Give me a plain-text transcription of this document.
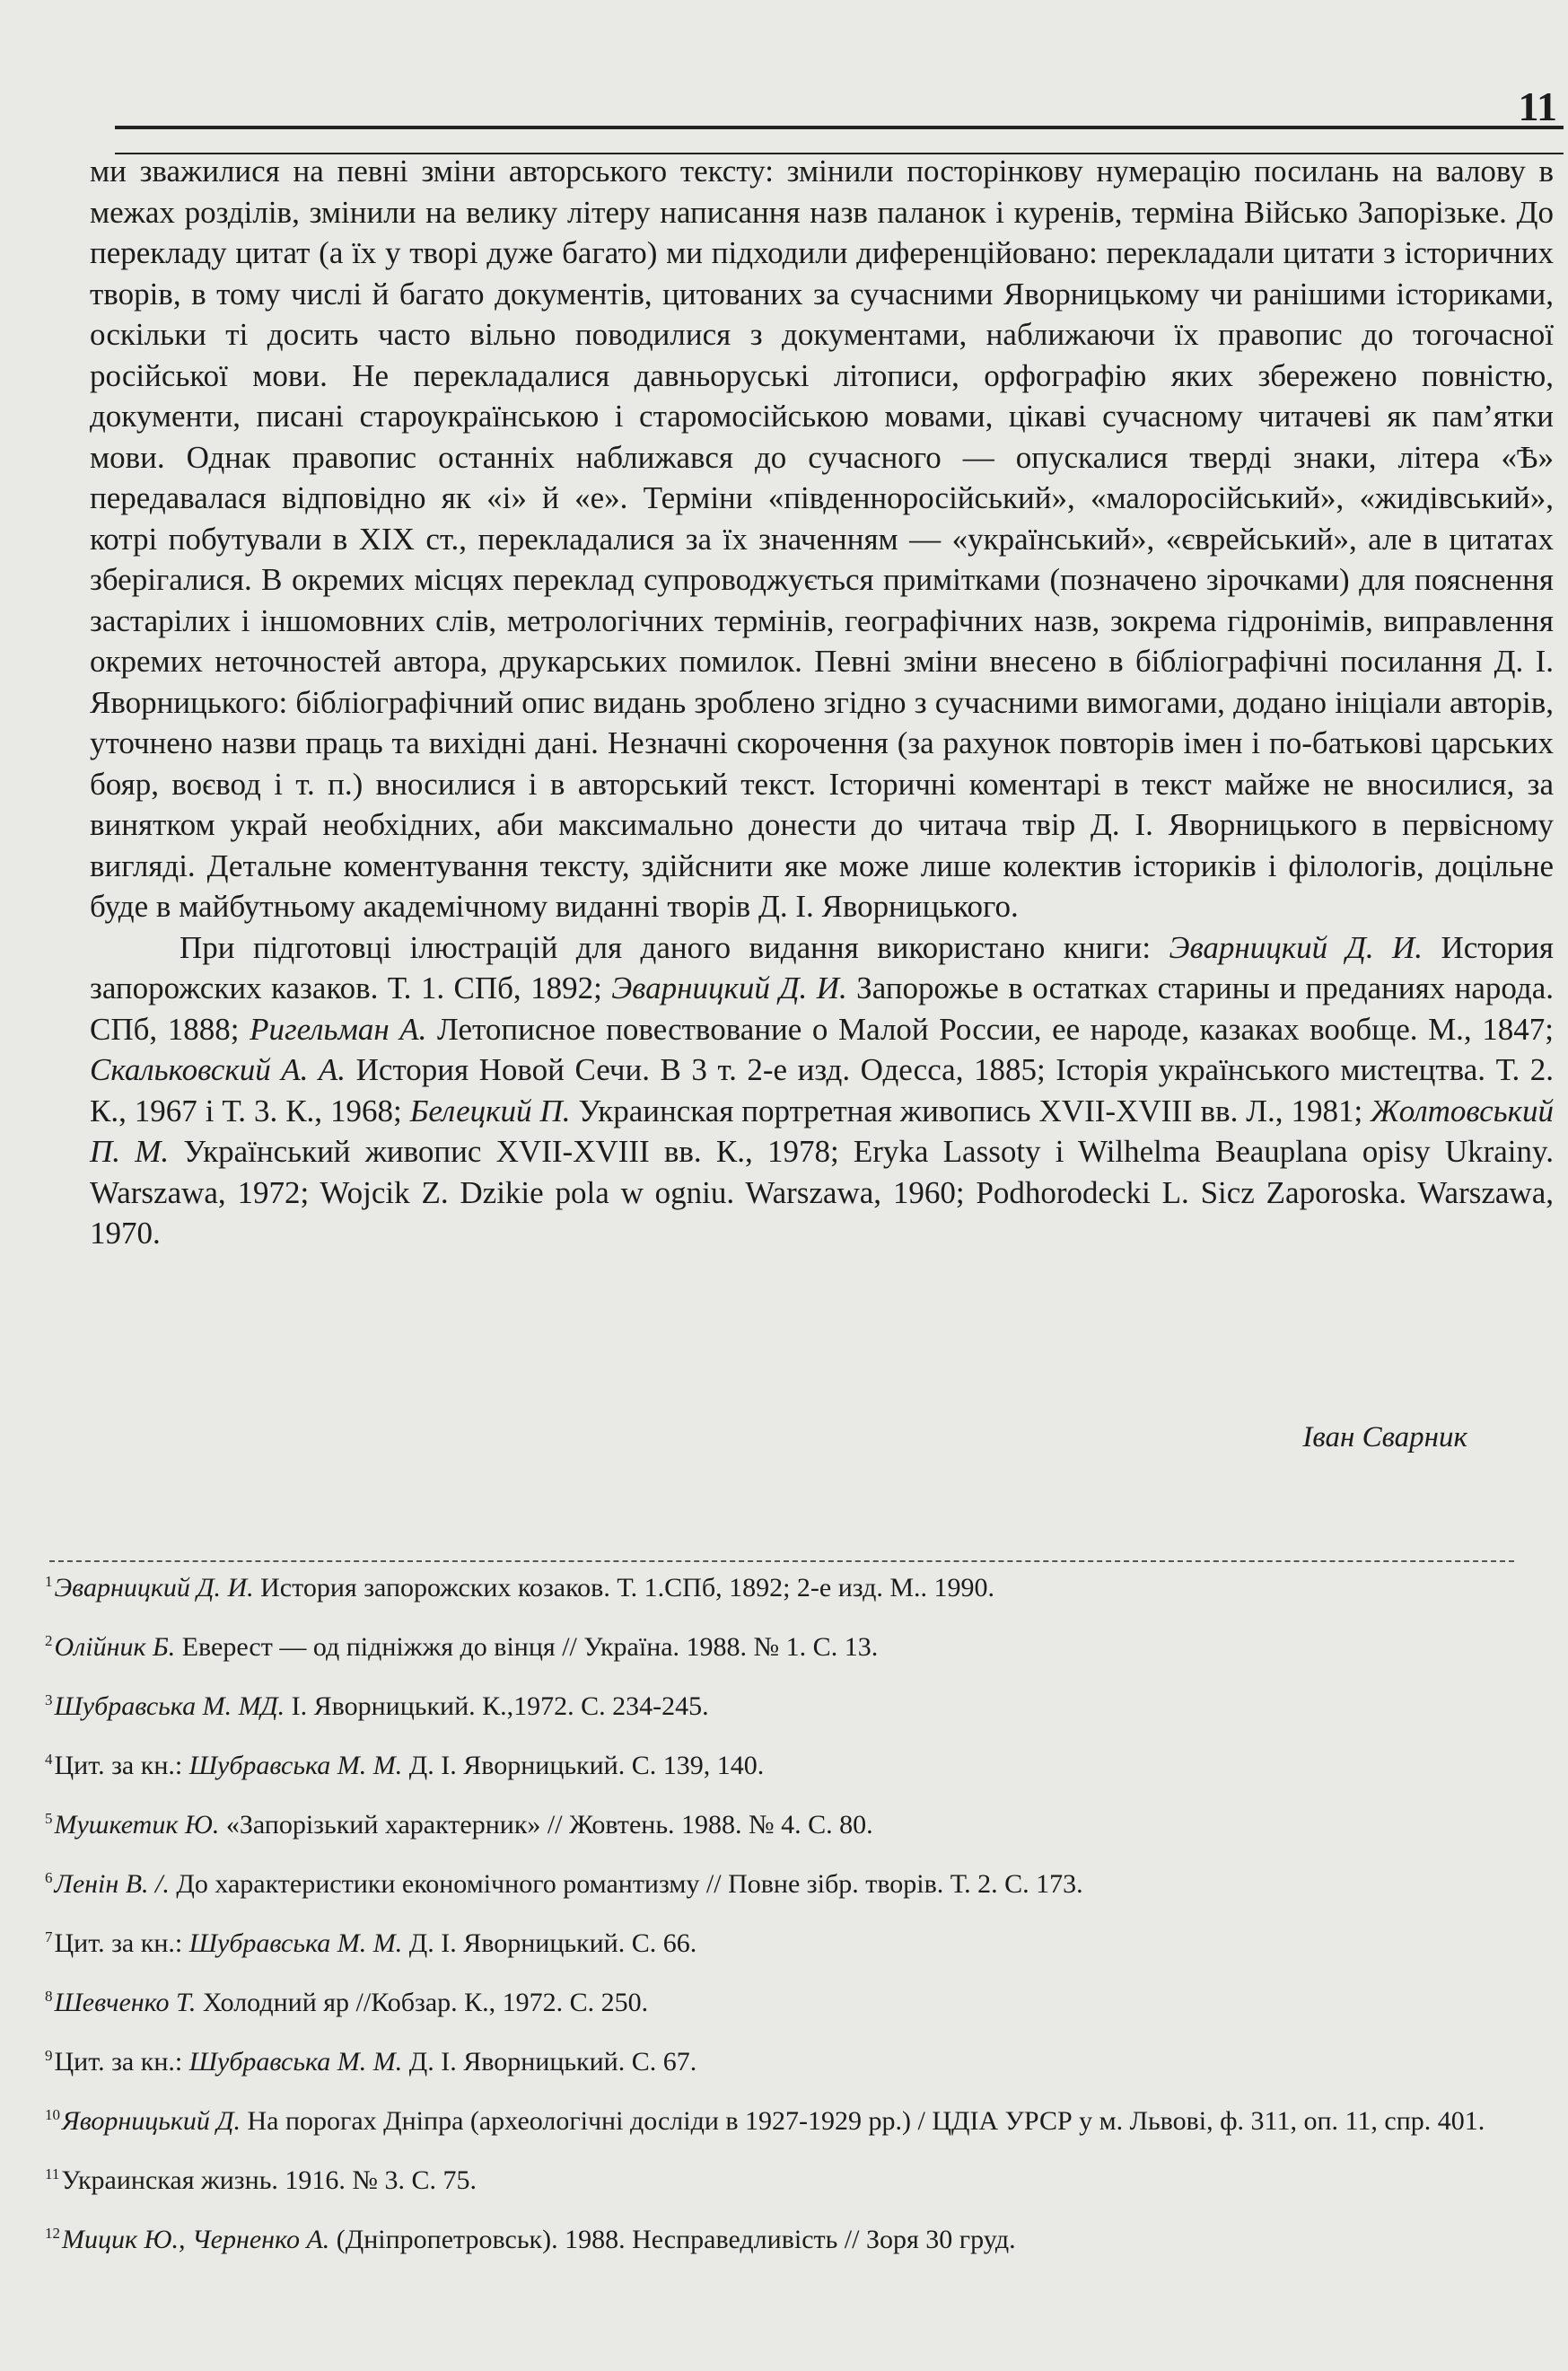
11

ми зважилися на певні зміни авторського тексту: змінили посторінкову нумерацію посилань на валову в межах розділів, змінили на велику літеру написання назв паланок і куренів, терміна Військо Запорізьке. До перекладу цитат (а їх у творі дуже багато) ми підходили диференційовано: перекладали цитати з історичних творів, в тому числі й багато документів, цитованих за сучасними Яворницькому чи ранішими істориками, оскільки ті досить часто вільно поводилися з документами, наближаючи їх правопис до тогочасної російської мови. Не перекладалися давньоруські літописи, орфографію яких збережено повністю, документи, писані староукраїнською і старомосійською мовами, цікаві сучасному читачеві як пам’ятки мови. Однак правопис останніх наближався до сучасного — опускалися тверді знаки, літера «Ѣ» передавалася відповідно як «і» й «е». Терміни «південноросійський», «малоросійський», «жидівський», котрі побутували в XIX ст., перекладалися за їх значенням — «український», «єврейський», але в цитатах зберігалися. В окремих місцях переклад супроводжується примітками (позначено зірочками) для пояснення застарілих і іншомовних слів, метрологічних термінів, географічних назв, зокрема гідронімів, виправлення окремих неточностей автора, друкарських помилок. Певні зміни внесено в бібліографічні посилання Д. І. Яворницького: бібліографічний опис видань зроблено згідно з сучасними вимогами, додано ініціали авторів, уточнено назви праць та вихідні дані. Незначні скорочення (за рахунок повторів імен і по-батькові царських бояр, воєвод і т. п.) вносилися і в авторський текст. Історичні коментарі в текст майже не вносилися, за винятком украй необхідних, аби максимально донести до читача твір Д. І. Яворницького в первісному вигляді. Детальне коментування тексту, здійснити яке може лише колектив істориків і філологів, доцільне буде в майбутньому академічному виданні творів Д. І. Яворницького.

При підготовці ілюстрацій для даного видання використано книги: Эварницкий Д. И. История запорожских казаков. Т. 1. СПб, 1892; Эварницкий Д. И. Запорожье в остатках старины и преданиях народа. СПб, 1888; Ригельман А. Летописное повествование о Малой России, ее народе, казаках вообще. М., 1847; Скальковский А. А. История Новой Сечи. В 3 т. 2-е изд. Одесса, 1885; Історія українського мистецтва. Т. 2. К., 1967 і Т. 3. К., 1968; Белецкий П. Украинская портретная живопись XVII-XVIII вв. Л., 1981; Жолтовський П. М. Український живопис XVII-XVIII вв. К., 1978; Eryka Lassoty i Wilhelma Beauplana opisy Ukrainy. Warszawa, 1972; Wojcik Z. Dzikie pola w ogniu. Warszawa, 1960; Podhorodecki L. Sicz Zaporoska. Warszawa, 1970.

Іван Сварник

$^1$Эварницкий Д. И. История запорожских козаков. Т. 1.СПб, 1892; 2-е изд. М.. 1990.

$^2$Олійник Б. Еверест — од підніжжя до вінця // Україна. 1988. № 1. С. 13.

$^3$Шубравська М. МД. І. Яворницький. К.,1972. С. 234-245.

$^4$Цит. за кн.: Шубравська М. М. Д. І. Яворницький. С. 139, 140.

$^5$Мушкетик Ю. «Запорізький характерник» // Жовтень. 1988. № 4. С. 80.

$^6$Ленін В. /. До характеристики економічного романтизму // Повне зібр. творів. Т. 2. С. 173.

$^7$Цит. за кн.: Шубравська М. М. Д. І. Яворницький. С. 66.

$^8$Шевченко Т. Холодний яр //Кобзар. К., 1972. С. 250.

$^9$Цит. за кн.: Шубравська М. М. Д. І. Яворницький. С. 67.

$^{10}$Яворницький Д. На порогах Дніпра (археологічні досліди в 1927-1929 рр.) / ЦДІА УРСР у м. Львові, ф. 311, оп. 11, спр. 401.

$^{11}$Украинская жизнь. 1916. № 3. С. 75.

$^{12}$Мицик Ю., Черненко А. (Дніпропетровськ). 1988. Несправедливість // Зоря 30 груд.
